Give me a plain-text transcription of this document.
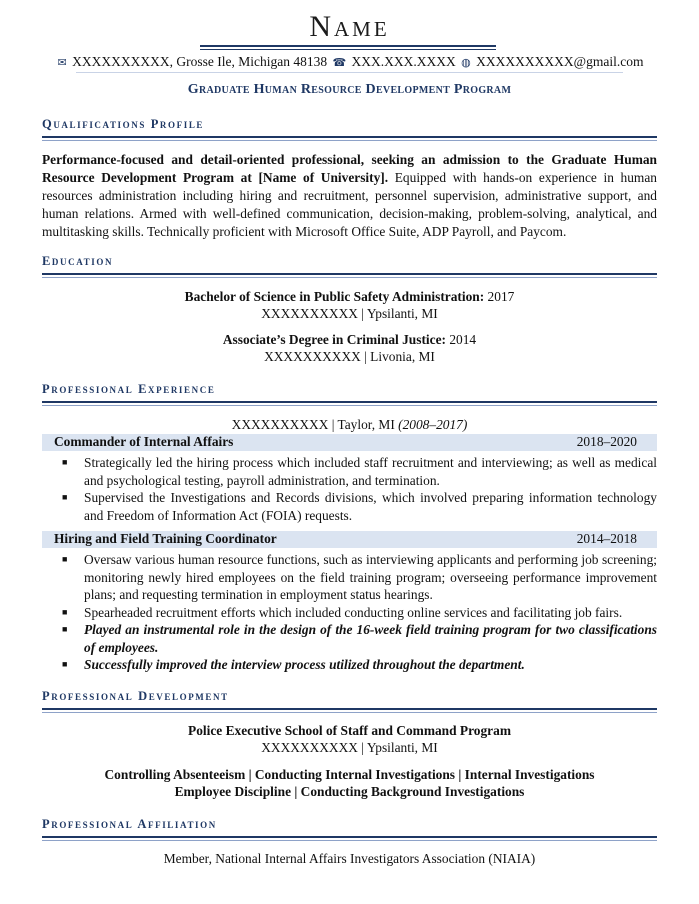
Name
✉ XXXXXXXXXX, Grosse Ile, Michigan 48138 ☎ XXX.XXX.XXXX ◍ XXXXXXXXXX@gmail.com
Graduate Human Resource Development Program
Qualifications Profile
Performance-focused and detail-oriented professional, seeking an admission to the Graduate Human Resource Development Program at [Name of University]. Equipped with hands-on experience in human resources administration including hiring and recruitment, personnel supervision, administrative support, and human relations. Armed with well-defined communication, decision-making, problem-solving, analytical, and multitasking skills. Technically proficient with Microsoft Office Suite, ADP Payroll, and Paycom.
Education
Bachelor of Science in Public Safety Administration: 2017
XXXXXXXXXX | Ypsilanti, MI
Associate’s Degree in Criminal Justice: 2014
XXXXXXXXXX | Livonia, MI
Professional Experience
XXXXXXXXXX | Taylor, MI (2008–2017)
Commander of Internal Affairs	2018–2020
■ Strategically led the hiring process which included staff recruitment and interviewing; as well as medical and psychological testing, payroll administration, and termination.
■ Supervised the Investigations and Records divisions, which involved preparing information technology and Freedom of Information Act (FOIA) requests.
Hiring and Field Training Coordinator	2014–2018
■ Oversaw various human resource functions, such as interviewing applicants and performing job screening; monitoring newly hired employees on the field training program; overseeing performance improvement plans; and requesting termination in employment status hearings.
■ Spearheaded recruitment efforts which included conducting online services and facilitating job fairs.
■ Played an instrumental role in the design of the 16-week field training program for two classifications of employees.
■ Successfully improved the interview process utilized throughout the department.
Professional Development
Police Executive School of Staff and Command Program
XXXXXXXXXX | Ypsilanti, MI
Controlling Absenteeism | Conducting Internal Investigations | Internal Investigations
Employee Discipline | Conducting Background Investigations
Professional Affiliation
Member, National Internal Affairs Investigators Association (NIAIA)
